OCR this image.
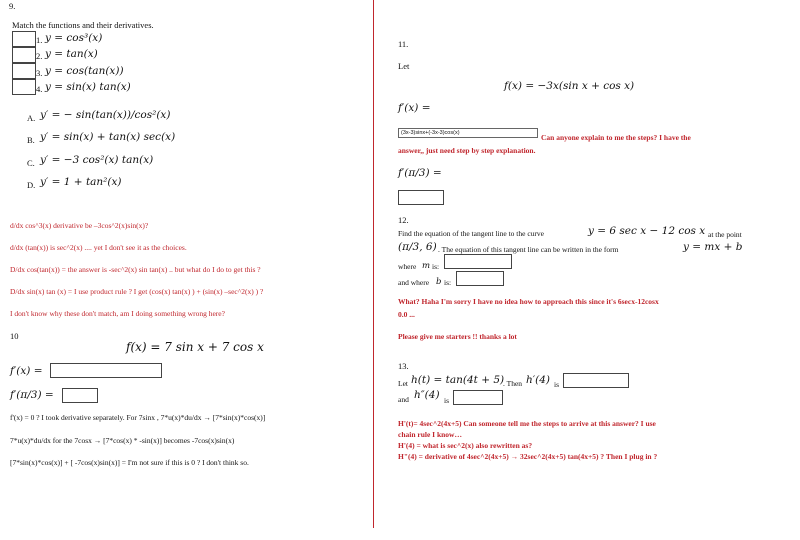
9.
Match the functions and their derivatives.
1. y = cos³(x)
2. y = tan(x)
3. y = cos(tan(x))
4. y = sin(x) tan(x)
A. y′ = − sin(tan(x))/cos²(x)
B. y′ = sin(x) + tan(x) sec(x)
C. y′ = −3 cos²(x) tan(x)
D. y′ = 1 + tan²(x)
d/dx cos^3(x) derivative be –3cos^2(x)sin(x)?
d/dx (tan(x)) is sec^2(x) .... yet I don't see it as the choices.
D/dx cos(tan(x)) = the answer is -sec^2(x) sin tan(x) .. but what do I do to get this ?
D/dx sin(x) tan (x) = I use product rule ? I get (cos(x) tan(x) ) + (sin(x) –sec^2(x) ) ?
I don't know why these don't match, am I doing something wrong here?
10
f(x) = 7 sin x + 7 cos x
f′(x) =
f′(π/3) =
f'(x) = 0 ? I took derivative separately. For 7sinx , 7*u(x)*du/dx → [7*sin(x)*cos(x)]
7*u(x)*du/dx for the 7cosx → [7*cos(x) * -sin(x)] becomes -7cos(x)sin(x)
[7*sin(x)*cos(x)] + [ -7cos(x)sin(x)] = I'm not sure if this is 0 ? I don't think so.
11.
Let
f(x) = −3x(sin x + cos x)
f′(x) =
(3x-3)sinx+(-3x-3)cos(x)	Can anyone explain to me the steps? I have the
answer,, just need step by step explanation.
f′(π/3) =
12.
Find the equation of the tangent line to the curve	y = 6 sec x − 12 cos x at the point
(π/3, 6) . The equation of this tangent line can be written in the form	y = mx + b
where m is:
and where b is:
What? Haha I'm sorry I have no idea how to approach this since it's 6secx-12cosx
0.0 ...
Please give me starters !! thanks a lot
13.
Let h(t) = tan(4t + 5)
. Then h′(4) is
and h″(4) is
H'(t)= 4sec^2(4x+5) Can someone tell me the steps to arrive at this answer? I use
chain rule I know…
H'(4) = what is sec^2(x) also rewritten as?
H"(4) = derivative of 4sec^2(4x+5) → 32sec^2(4x+5) tan(4x+5) ? Then I plug in ?
